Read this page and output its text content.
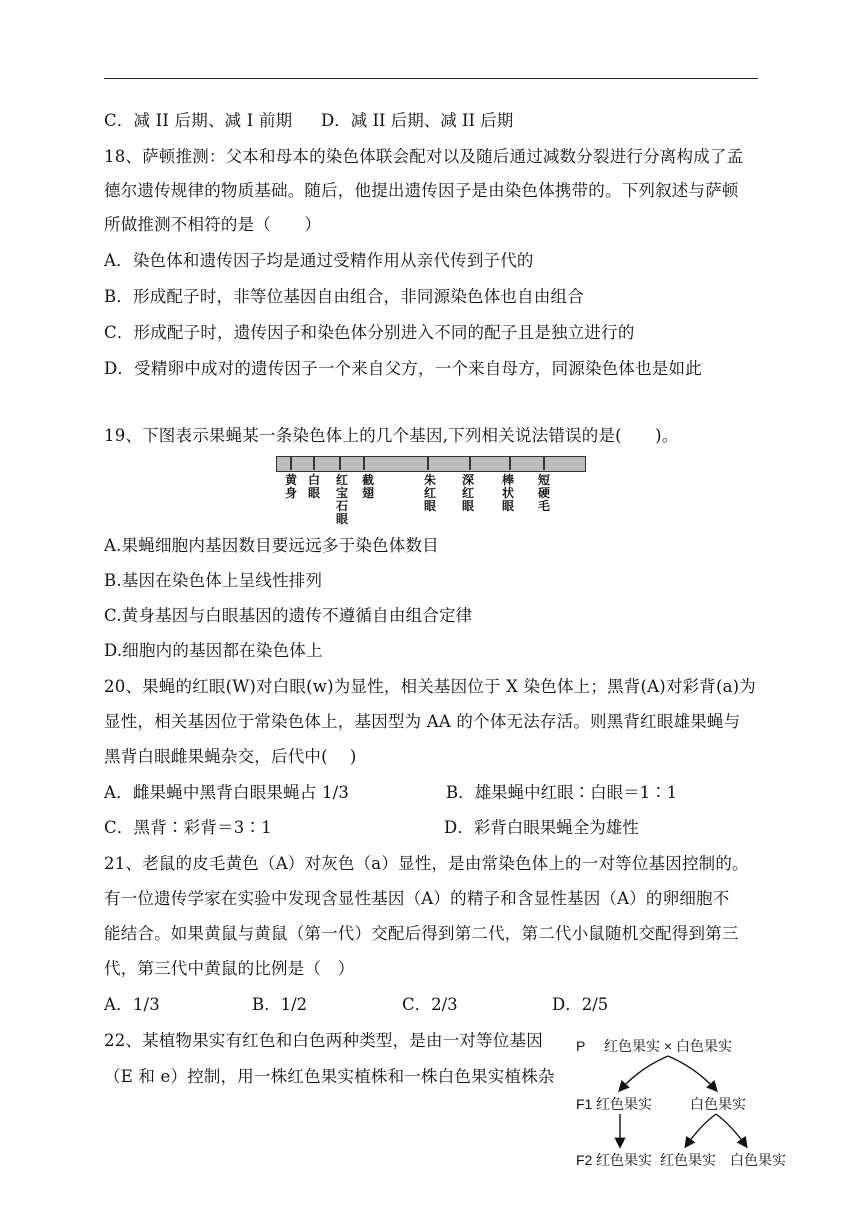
C．减 II 后期、减 I 前期 D．减 II 后期、减 II 后期
18、萨顿推测：父本和母本的染色体联会配对以及随后通过减数分裂进行分离构成了孟
德尔遗传规律的物质基础。随后，他提出遗传因子是由染色体携带的。下列叙述与萨顿
所做推测不相符的是（　　）
A．染色体和遗传因子均是通过受精作用从亲代传到子代的
B．形成配子时，非等位基因自由组合，非同源染色体也自由组合
C．形成配子时，遗传因子和染色体分别进入不同的配子且是独立进行的
D．受精卵中成对的遗传因子一个来自父方，一个来自母方，同源染色体也是如此
19、下图表示果蝇某一条染色体上的几个基因,下列相关说法错误的是(　　)。
黄身
白眼
红宝石眼
截翅
朱红眼
深红眼
棒状眼
短硬毛
A.果蝇细胞内基因数目要远远多于染色体数目
B.基因在染色体上呈线性排列
C.黄身基因与白眼基因的遗传不遵循自由组合定律
D.细胞内的基因都在染色体上
20、果蝇的红眼(W)对白眼(w)为显性，相关基因位于 X 染色体上；黑背(A)对彩背(a)为
显性，相关基因位于常染色体上，基因型为 AA 的个体无法存活。则黑背红眼雄果蝇与
黑背白眼雌果蝇杂交，后代中(　 )
A．雌果蝇中黑背白眼果蝇占 1/3	B．雄果蝇中红眼∶白眼＝1∶1
C．黑背∶彩背＝3∶1	D．彩背白眼果蝇全为雄性
21、老鼠的皮毛黄色（A）对灰色（a）显性，是由常染色体上的一对等位基因控制的。
有一位遗传学家在实验中发现含显性基因（A）的精子和含显性基因（A）的卵细胞不
能结合。如果黄鼠与黄鼠（第一代）交配后得到第二代，第二代小鼠随机交配得到第三
代，第三代中黄鼠的比例是（　）
A．1/3	B．1/2	C．2/3	D．2/5
22、某植物果实有红色和白色两种类型，是由一对等位基因
（E 和 e）控制，用一株红色果实植株和一株白色果实植株杂
P 红色果实 × 白色果实
F1 红色果实	白色果实
F2 红色果实 红色果实 白色果实
